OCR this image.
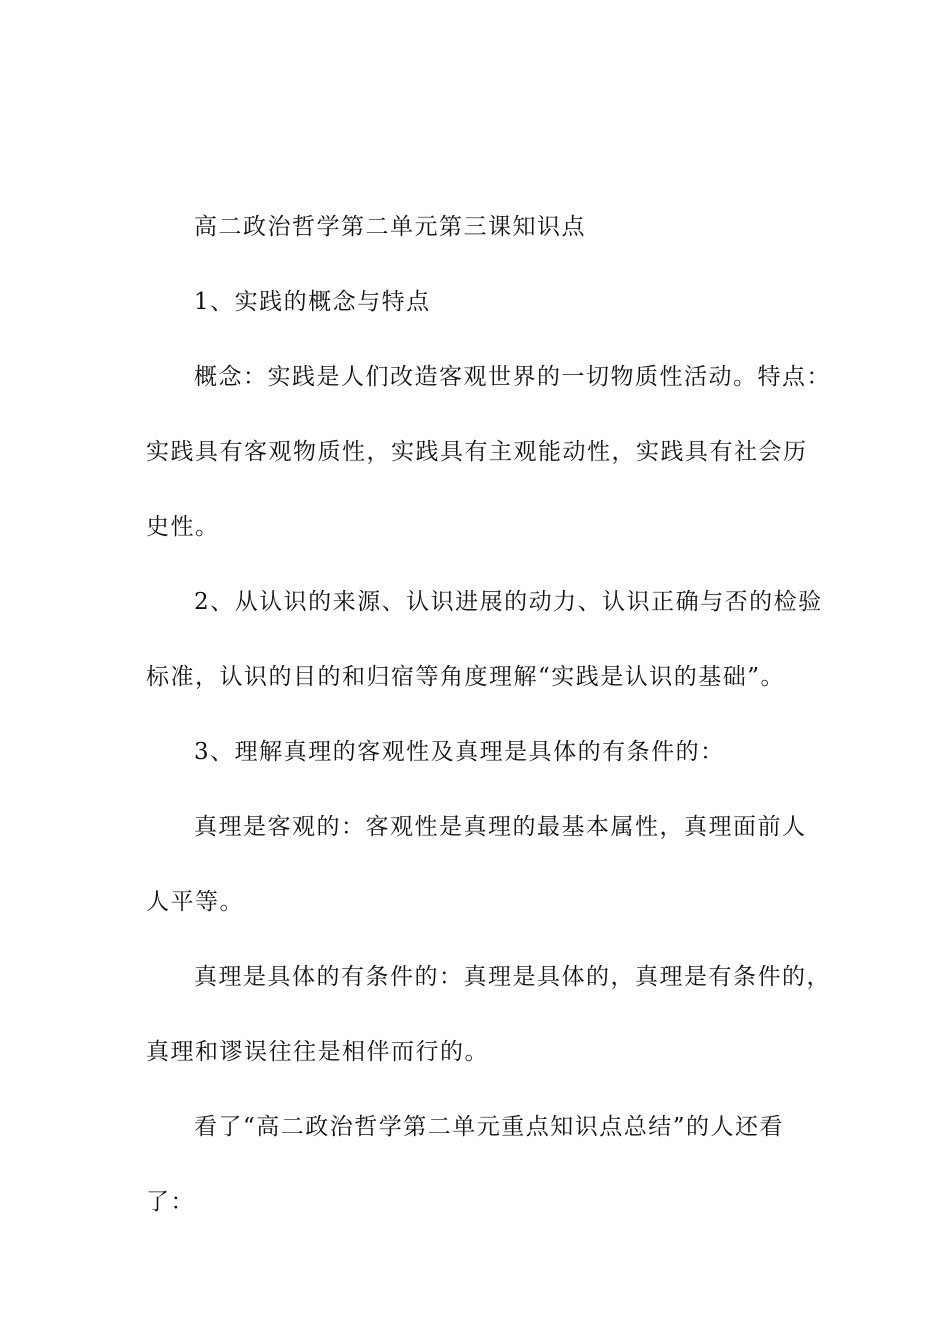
高二政治哲学第二单元第三课知识点
1、实践的概念与特点
概念：实践是人们改造客观世界的一切物质性活动。特点：
实践具有客观物质性，实践具有主观能动性，实践具有社会历
史性。
2、从认识的来源、认识进展的动力、认识正确与否的检验
标准，认识的目的和归宿等角度理解“实践是认识的基础”。
3、理解真理的客观性及真理是具体的有条件的：
真理是客观的：客观性是真理的最基本属性，真理面前人
人平等。
真理是具体的有条件的：真理是具体的，真理是有条件的，
真理和谬误往往是相伴而行的。
看了“高二政治哲学第二单元重点知识点总结”的人还看
了：
